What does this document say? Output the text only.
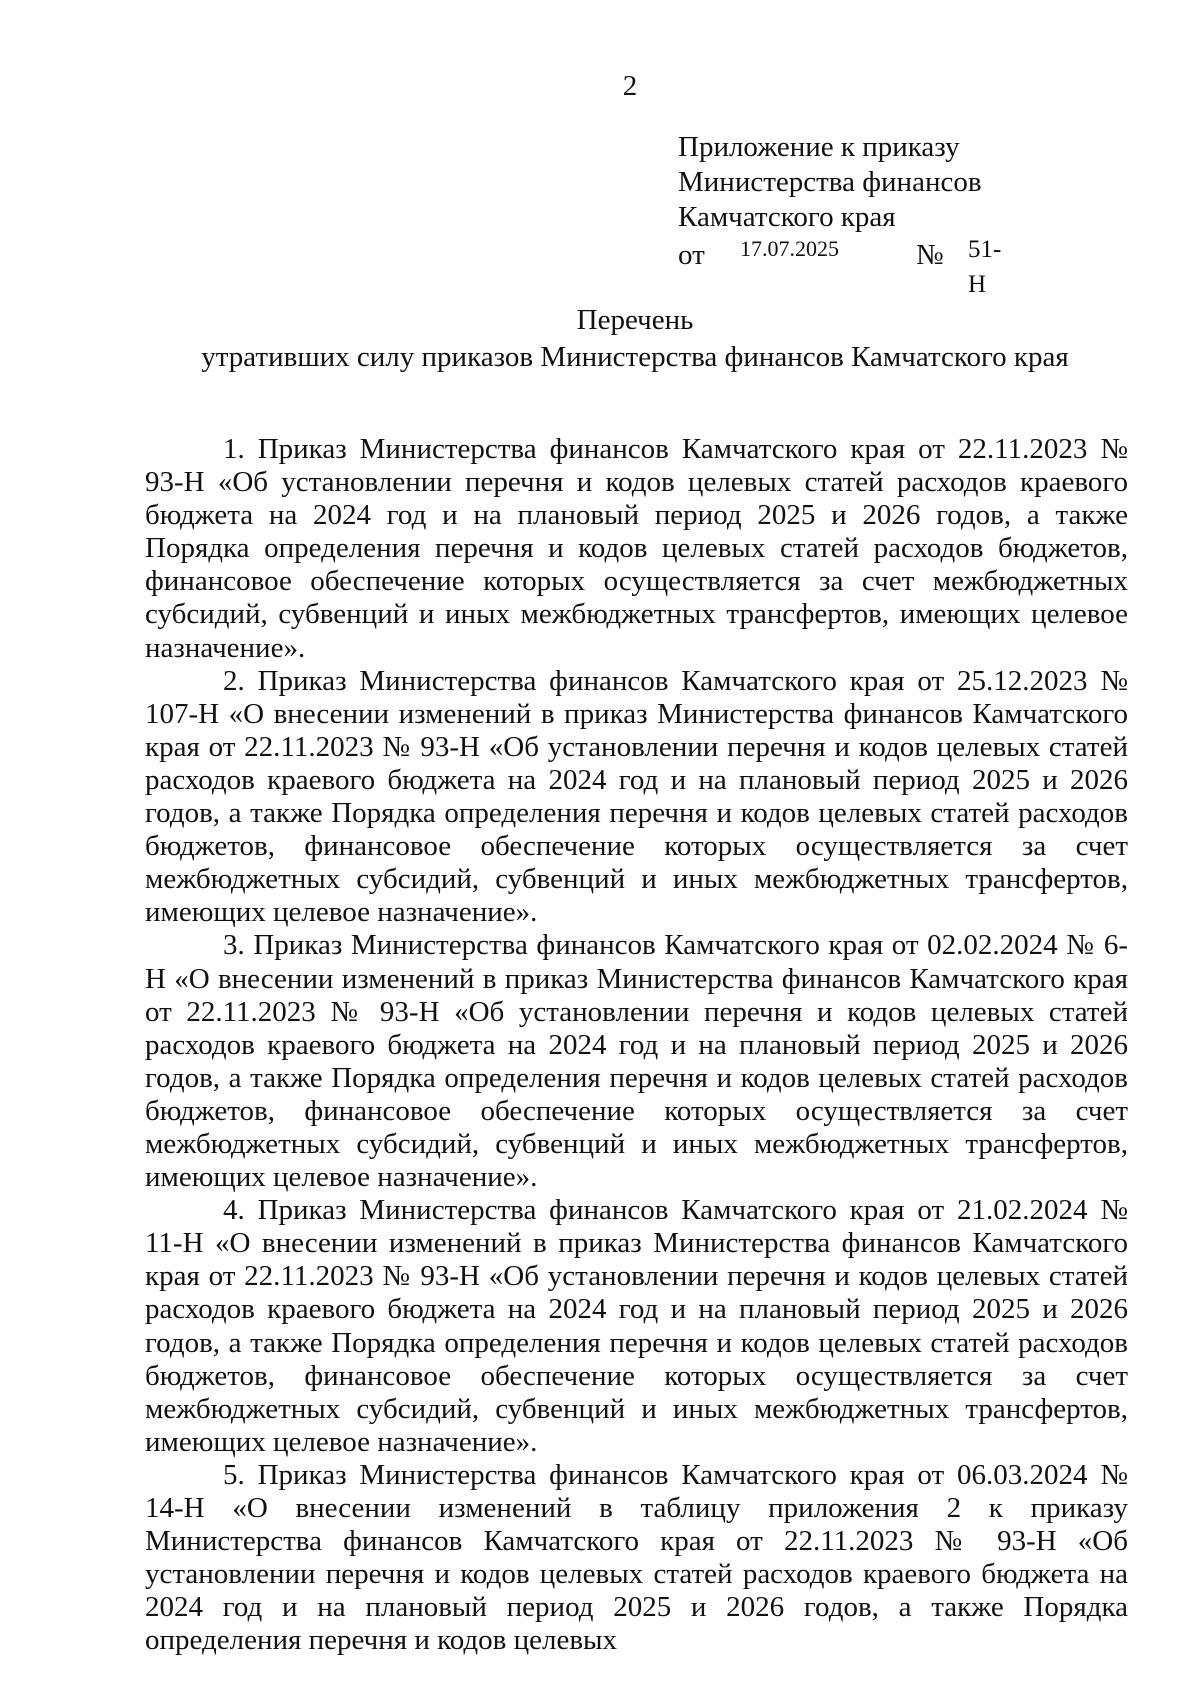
2
Приложение к приказу
Министерства финансов
Камчатского края
от 17.07.2025	№ 51-Н
Перечень
утративших силу приказов Министерства финансов Камчатского края

1. Приказ Министерства финансов Камчатского края от 22.11.2023 № 93-Н «Об установлении перечня и кодов целевых статей расходов краевого бюджета на 2024 год и на плановый период 2025 и 2026 годов, а также Порядка определения перечня и кодов целевых статей расходов бюджетов, финансовое обеспечение которых осуществляется за счет межбюджетных субсидий, субвенций и иных межбюджетных трансфертов, имеющих целевое назначение».

2. Приказ Министерства финансов Камчатского края от 25.12.2023 № 107-Н «О внесении изменений в приказ Министерства финансов Камчатского края от 22.11.2023 № 93-Н «Об установлении перечня и кодов целевых статей расходов краевого бюджета на 2024 год и на плановый период 2025 и 2026 годов, а также Порядка определения перечня и кодов целевых статей расходов бюджетов, финансовое обеспечение которых осуществляется за счет межбюджетных субсидий, субвенций и иных межбюджетных трансфертов, имеющих целевое назначение».

3. Приказ Министерства финансов Камчатского края от 02.02.2024 № 6-Н «О внесении изменений в приказ Министерства финансов Камчатского края от 22.11.2023 № 93-Н «Об установлении перечня и кодов целевых статей расходов краевого бюджета на 2024 год и на плановый период 2025 и 2026 годов, а также Порядка определения перечня и кодов целевых статей расходов бюджетов, финансовое обеспечение которых осуществляется за счет межбюджетных субсидий, субвенций и иных межбюджетных трансфертов, имеющих целевое назначение».

4. Приказ Министерства финансов Камчатского края от 21.02.2024 № 11-Н «О внесении изменений в приказ Министерства финансов Камчатского края от 22.11.2023 № 93-Н «Об установлении перечня и кодов целевых статей расходов краевого бюджета на 2024 год и на плановый период 2025 и 2026 годов, а также Порядка определения перечня и кодов целевых статей расходов бюджетов, финансовое обеспечение которых осуществляется за счет межбюджетных субсидий, субвенций и иных межбюджетных трансфертов, имеющих целевое назначение».

5. Приказ Министерства финансов Камчатского края от 06.03.2024 № 14-Н «О внесении изменений в таблицу приложения 2 к приказу Министерства финансов Камчатского края от 22.11.2023 № 93-Н «Об установлении перечня и кодов целевых статей расходов краевого бюджета на 2024 год и на плановый период 2025 и 2026 годов, а также Порядка определения перечня и кодов целевых
